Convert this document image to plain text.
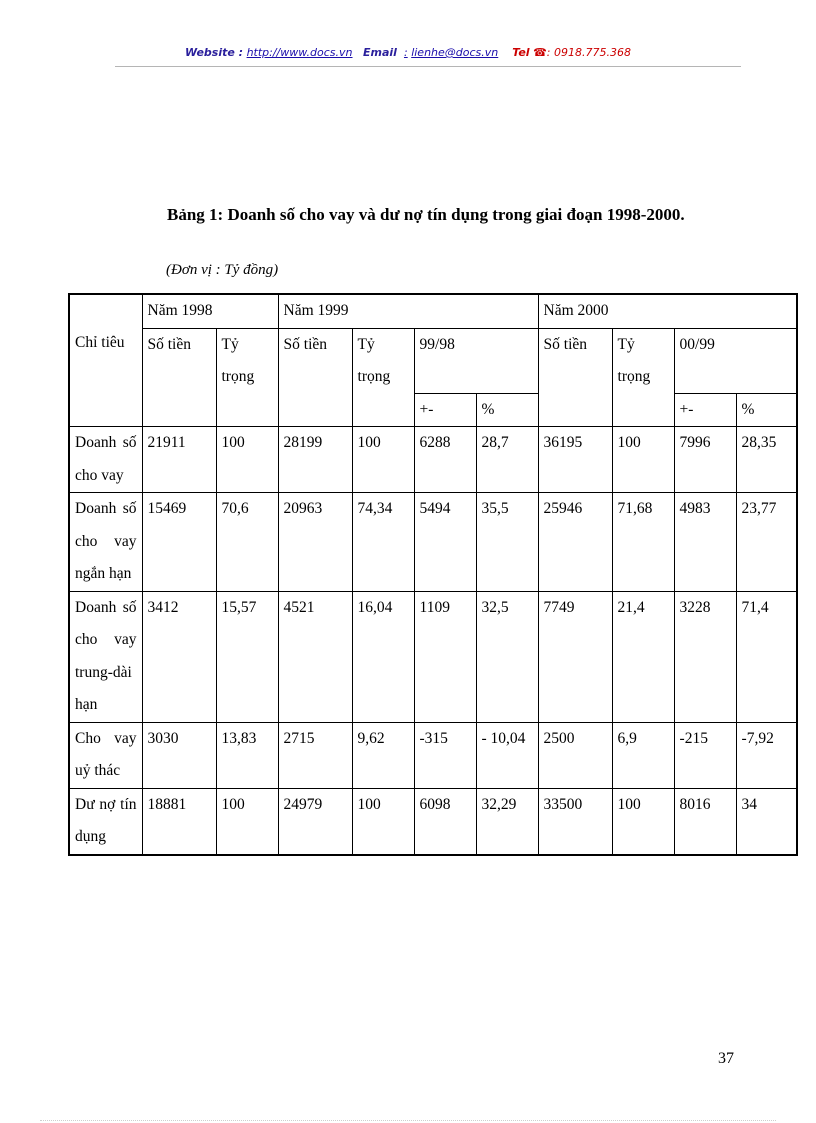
Website : http://www.docs.vn Email : lienhe@docs.vn Tel ☎: 0918.775.368
Bảng 1: Doanh số cho vay và dư nợ tín dụng trong giai đoạn 1998-2000.
(Đơn vị : Tỷ đồng)
Chỉ tiêu	Năm 1998		Năm 1999				Năm 2000			
	Số tiền	Tỷ trọng	Số tiền	Tỷ trọng	99/98		Số tiền	Tỷ trọng	00/99	
					+-	%			+-	%
Doanh số cho vay	21911	100	28199	100	6288	28,7	36195	100	7996	28,35
Doanh số cho vay ngắn hạn	15469	70,6	20963	74,34	5494	35,5	25946	71,68	4983	23,77
Doanh số cho vay trung-dài hạn	3412	15,57	4521	16,04	1109	32,5	7749	21,4	3228	71,4
Cho vay uỷ thác	3030	13,83	2715	9,62	-315	- 10,04	2500	6,9	-215	-7,92
Dư nợ tín dụng	18881	100	24979	100	6098	32,29	33500	100	8016	34
37
